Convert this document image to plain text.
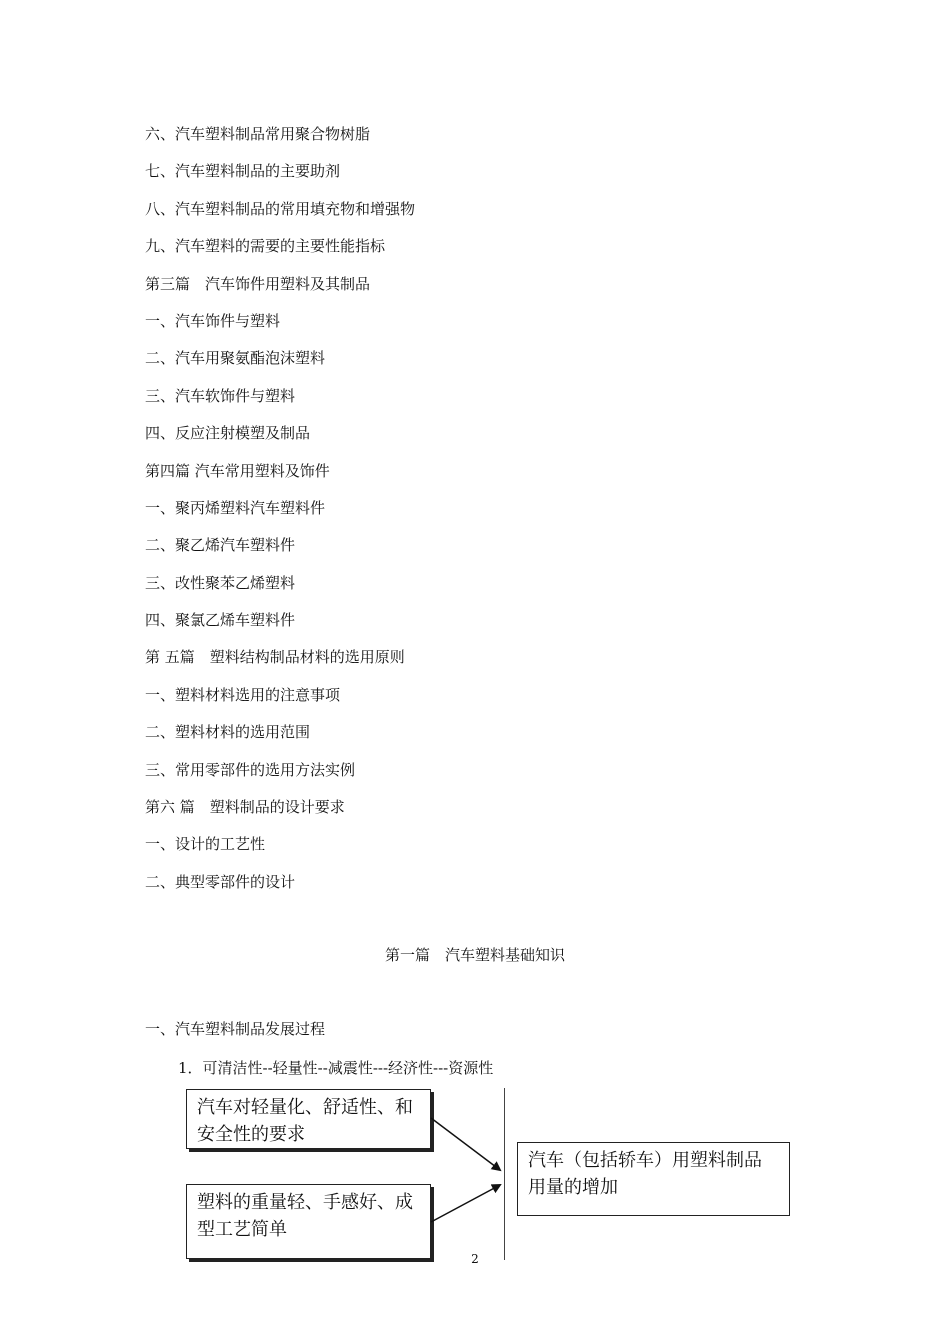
六、汽车塑料制品常用聚合物树脂
七、汽车塑料制品的主要助剂
八、汽车塑料制品的常用填充物和增强物
九、汽车塑料的需要的主要性能指标
第三篇　汽车饰件用塑料及其制品
一、汽车饰件与塑料
二、汽车用聚氨酯泡沫塑料
三、汽车软饰件与塑料
四、反应注射模塑及制品
第四篇 汽车常用塑料及饰件
一、聚丙烯塑料汽车塑料件
二、聚乙烯汽车塑料件
三、改性聚苯乙烯塑料
四、聚氯乙烯车塑料件
第 五篇　塑料结构制品材料的选用原则
一、塑料材料选用的注意事项
二、塑料材料的选用范围
三、常用零部件的选用方法实例
第六 篇　塑料制品的设计要求
一、设计的工艺性
二、典型零部件的设计
第一篇　汽车塑料基础知识
一、汽车塑料制品发展过程
1．可清洁性--轻量性--减震性---经济性---资源性
汽车对轻量化、舒适性、和安全性的要求
塑料的重量轻、手感好、成型工艺简单
汽车（包括轿车）用塑料制品用量的增加
2
